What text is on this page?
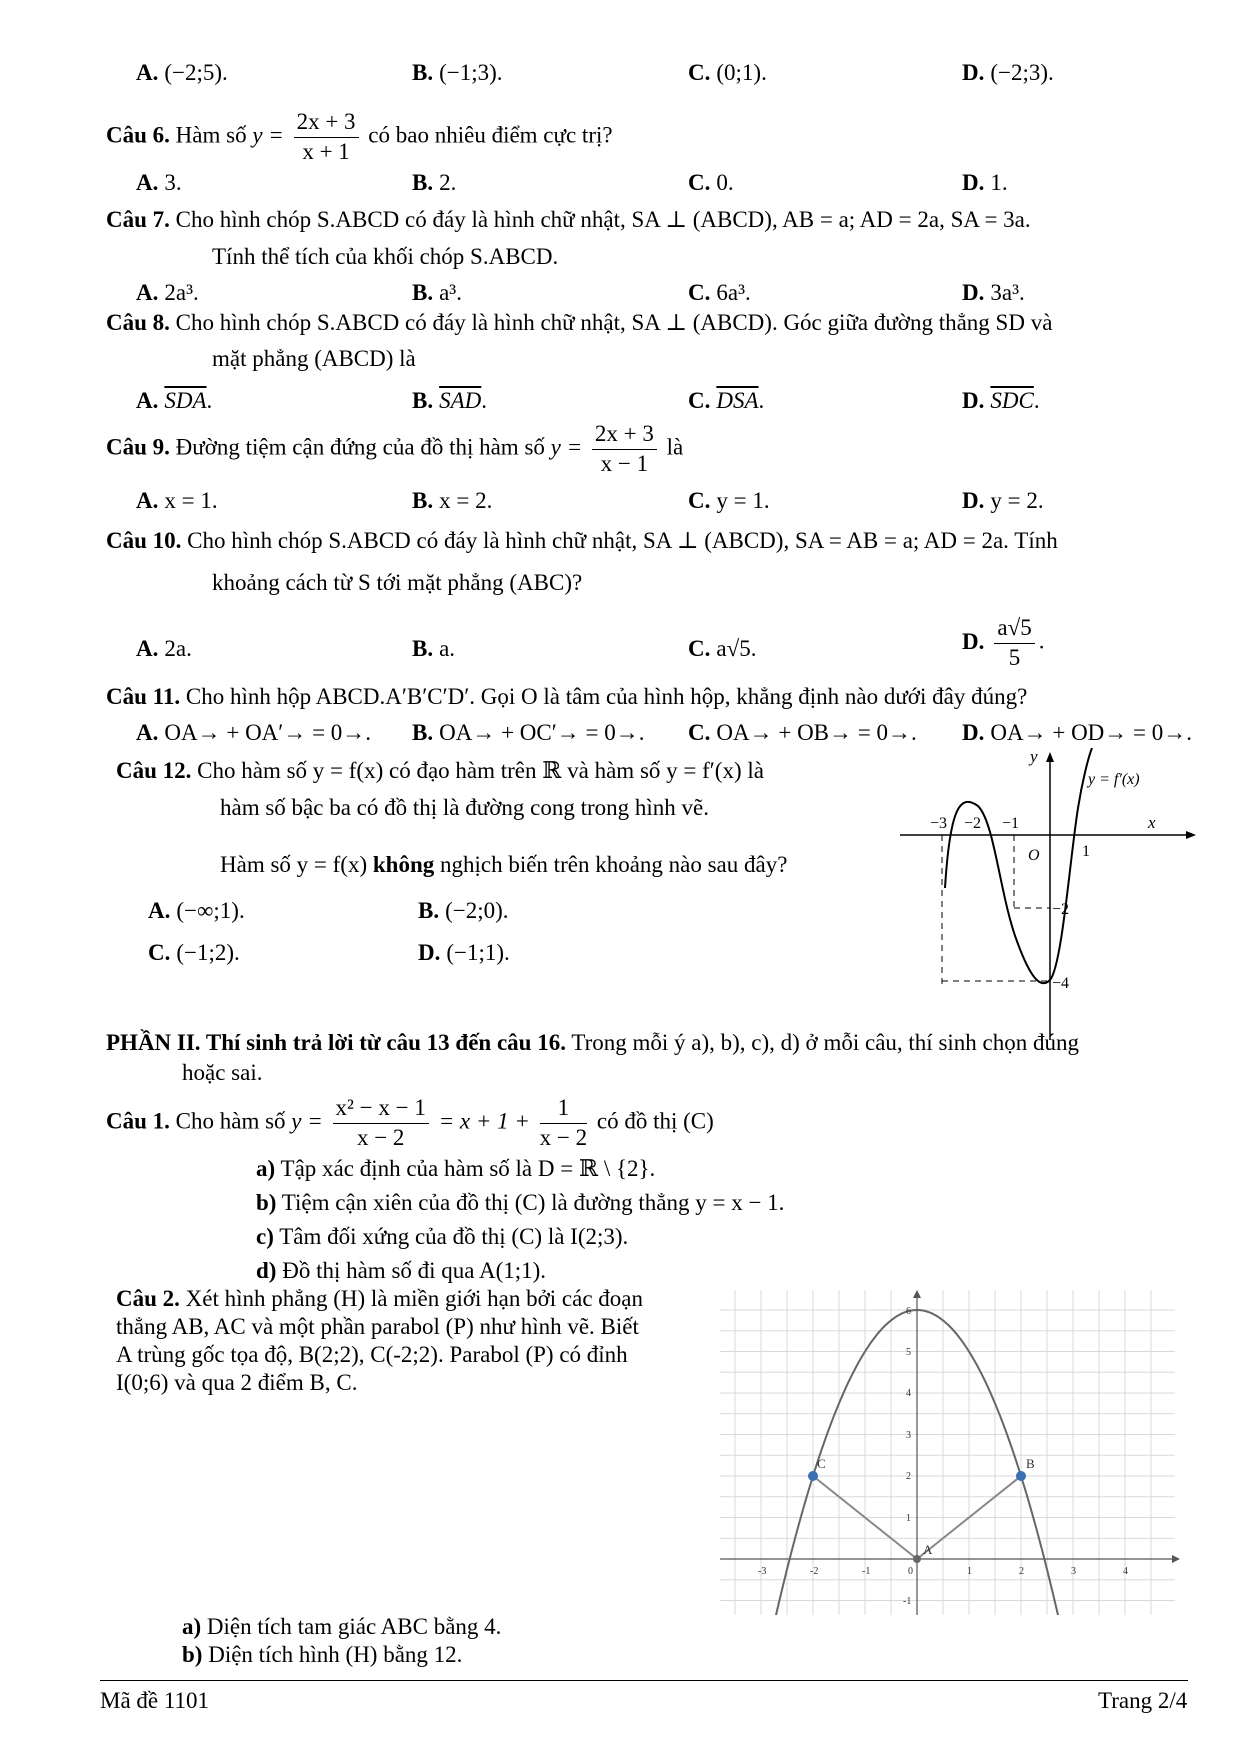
A. (−2;5).	B. (−1;3).	C. (0;1).	D. (−2;3).
Câu 6. Hàm số $y = \frac{2x + 3}{x + 1}$ có bao nhiêu điểm cực trị?
A. 3.	B. 2.	C. 0.	D. 1.
Câu 7. Cho hình chóp S.ABCD có đáy là hình chữ nhật, SA ⊥ (ABCD), AB = a; AD = 2a, SA = 3a.
Tính thể tích của khối chóp S.ABCD.
A. 2a³.	B. a³.	C. 6a³.	D. 3a³.
Câu 8. Cho hình chóp S.ABCD có đáy là hình chữ nhật, SA ⊥ (ABCD). Góc giữa đường thẳng SD và
mặt phẳng (ABCD) là
A. $\overline{SDA}$.	B. $\overline{SAD}$.	C. $\overline{DSA}$.	D. $\overline{SDC}$.
Câu 9. Đường tiệm cận đứng của đồ thị hàm số $y = \frac{2x + 3}{x - 1}$ là
A. x = 1.	B. x = 2.	C. y = 1.	D. y = 2.
Câu 10. Cho hình chóp S.ABCD có đáy là hình chữ nhật, SA ⊥ (ABCD), SA = AB = a; AD = 2a. Tính
khoảng cách từ S tới mặt phẳng (ABC)?
A. 2a.	B. a.	C. a√5.	D. $\frac{a√5}{5}$ .
Câu 11. Cho hình hộp ABCD.A′B′C′D′. Gọi O là tâm của hình hộp, khẳng định nào dưới đây đúng?
A. OA→ + OA′→ = 0→. B. OA→ + OC′→ = 0→. C. OA→ + OB→ = 0→. D. OA→ + OD→ = 0→.
Câu 12. Cho hàm số y = f(x) có đạo hàm trên ℝ và hàm số y = f′(x) là
hàm số bậc ba có đồ thị là đường cong trong hình vẽ.
Hàm số y = f(x) không nghịch biến trên khoảng nào sau đây?
A. (−∞;1).	B. (−2;0).
C. (−1;2).	D. (−1;1).
y
x
y = f′(x)
O
−3 −2 −1
1
−2
−4
PHẦN II. Thí sinh trả lời từ câu 13 đến câu 16. Trong mỗi ý a), b), c), d) ở mỗi câu, thí sinh chọn đúng
hoặc sai.
Câu 1. Cho hàm số $y = \frac{\text{x² − x − 1}}{x - 2} = x + 1 + \frac{1}{x - 2}$ có đồ thị (C)
a) Tập xác định của hàm số là D = ℝ \ {2}.
b) Tiệm cận xiên của đồ thị (C) là đường thẳng y = x − 1.
c) Tâm đối xứng của đồ thị (C) là I(2;3).
d) Đồ thị hàm số đi qua A(1;1).
Câu 2. Xét hình phẳng (H) là miền giới hạn bởi các đoạn
thẳng AB, AC và một phần parabol (P) như hình vẽ. Biết
A trùng gốc tọa độ, B(2;2), C(-2;2). Parabol (P) có đỉnh
I(0;6) và qua 2 điểm B, C.
a) Diện tích tam giác ABC bằng 4.
b) Diện tích hình (H) bằng 12.
C	B
A
-3	-2	-1	0	1	2	3	4
6
5
4
3
2
1
-1
Mã đề 1101	Trang 2/4
